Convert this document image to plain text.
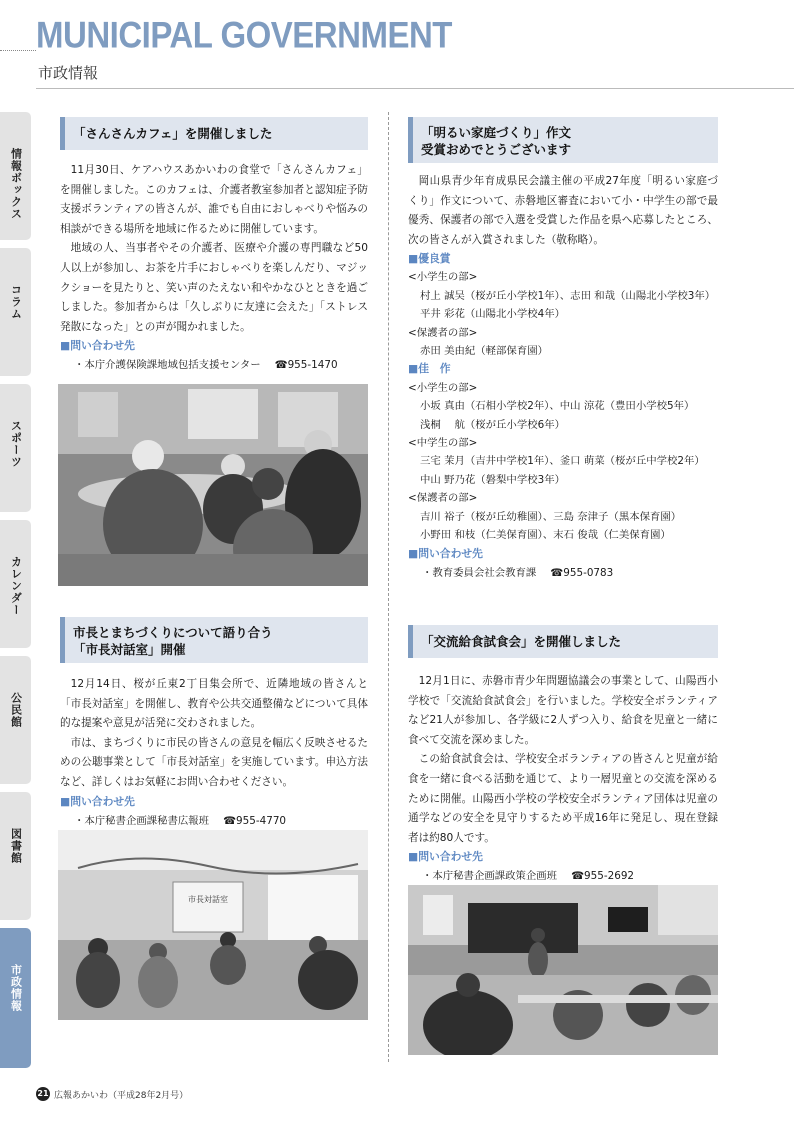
MUNICIPAL GOVERNMENT
市政情報
情報ボックス
コラム
スポーツ
カレンダー
公民館
図書館
市政情報
「さんさんカフェ」を開催しました

11月30日、ケアハウスあかいわの食堂で「さんさんカフェ」を開催しました。このカフェは、介護者教室参加者と認知症予防支援ボランティアの皆さんが、誰でも自由におしゃべりや悩みの相談ができる場所を地域に作るために開催しています。

地域の人、当事者やその介護者、医療や介護の専門職など50人以上が参加し、お茶を片手におしゃべりを楽しんだり、マジックショーを見たりと、笑い声のたえない和やかなひとときを過ごしました。参加者からは「久しぶりに友達に会えた」「ストレス発散になった」との声が聞かれました。

■ 問い合わせ先
・本庁介護保険課地域包括支援センター ☎955-1470
市長とまちづくりについて語り合う
「市長対話室」開催

12月14日、桜が丘東2丁目集会所で、近隣地域の皆さんと「市長対話室」を開催し、教育や公共交通整備などについて具体的な提案や意見が活発に交わされました。

市は、まちづくりに市民の皆さんの意見を幅広く反映させるための公聴事業として「市長対話室」を実施しています。申込方法など、詳しくはお気軽にお問い合わせください。

■ 問い合わせ先
・本庁秘書企画課秘書広報班 ☎955-4770
市長対話室
「明るい家庭づくり」作文
受賞おめでとうございます

岡山県青少年育成県民会議主催の平成27年度「明るい家庭づくり」作文について、赤磐地区審査において小・中学生の部で最優秀、保護者の部で入選を受賞した作品を県へ応募したところ、次の皆さんが入賞されました（敬称略）。

■ 優良賞
<小学生の部>
村上 誠吴（桜が丘小学校1年）、志田 和哉（山陽北小学校3年）
平井 彩花（山陽北小学校4年）
<保護者の部>
赤田 美由紀（軽部保育園）
■ 佳　作
<小学生の部>
小坂 真由（石相小学校2年）、中山 涼花（豊田小学校5年）
浅桐　 航（桜が丘小学校6年）
<中学生の部>
三宅 茉月（吉井中学校1年）、釜口 萌菜（桜が丘中学校2年）
中山 野乃花（磐梨中学校3年）
<保護者の部>
吉川 裕子（桜が丘幼稚園）、三島 奈津子（黒本保育園）
小野田 和枝（仁美保育園）、末石 俊哉（仁美保育園）
■ 問い合わせ先
・教育委員会社会教育課 ☎955-0783
「交流給食試食会」を開催しました

12月1日に、赤磐市青少年問題協議会の事業として、山陽西小学校で「交流給食試食会」を行いました。学校安全ボランティアなど21人が参加し、各学級に2人ずつ入り、給食を児童と一緒に食べて交流を深めました。

この給食試食会は、学校安全ボランティアの皆さんと児童が給食を一緒に食べる活動を通じて、より一層児童との交流を深めるために開催。山陽西小学校の学校安全ボランティア団体は児童の通学などの安全を見守りするため平成16年に発足し、現在登録者は約80人です。

■ 問い合わせ先
・本庁秘書企画課政策企画班 ☎955-2692
21 広報あかいわ（平成28年2月号）
